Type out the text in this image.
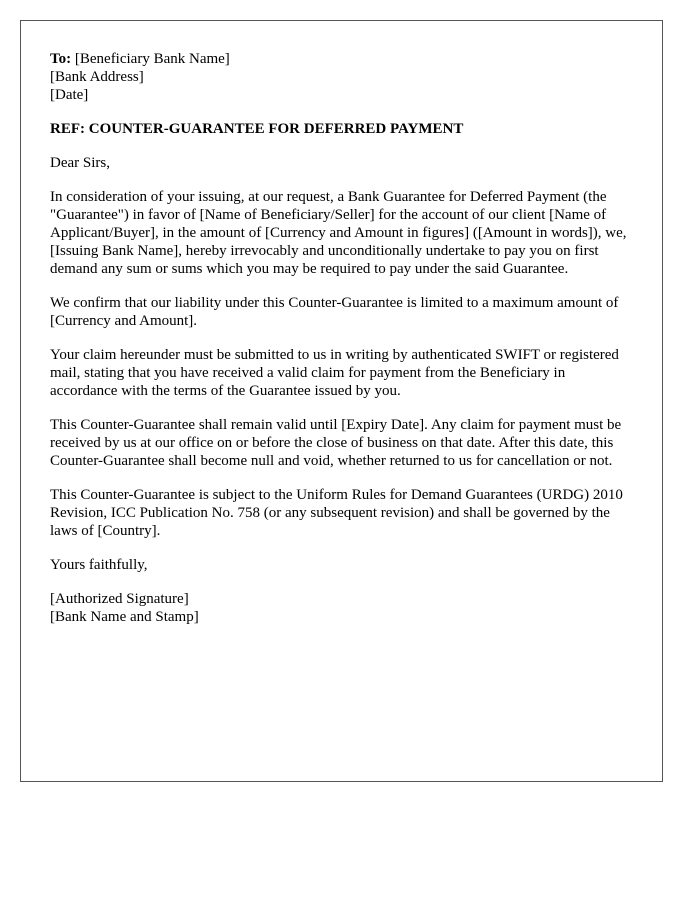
To: [Beneficiary Bank Name]
[Bank Address]
[Date]

REF: COUNTER-GUARANTEE FOR DEFERRED PAYMENT

Dear Sirs,

In consideration of your issuing, at our request, a Bank Guarantee for Deferred Payment (the "Guarantee") in favor of [Name of Beneficiary/Seller] for the account of our client [Name of Applicant/Buyer], in the amount of [Currency and Amount in figures] ([Amount in words]), we, [Issuing Bank Name], hereby irrevocably and unconditionally undertake to pay you on first demand any sum or sums which you may be required to pay under the said Guarantee.

We confirm that our liability under this Counter-Guarantee is limited to a maximum amount of [Currency and Amount].

Your claim hereunder must be submitted to us in writing by authenticated SWIFT or registered mail, stating that you have received a valid claim for payment from the Beneficiary in accordance with the terms of the Guarantee issued by you.

This Counter-Guarantee shall remain valid until [Expiry Date]. Any claim for payment must be received by us at our office on or before the close of business on that date. After this date, this Counter-Guarantee shall become null and void, whether returned to us for cancellation or not.

This Counter-Guarantee is subject to the Uniform Rules for Demand Guarantees (URDG) 2010 Revision, ICC Publication No. 758 (or any subsequent revision) and shall be governed by the laws of [Country].

Yours faithfully,

[Authorized Signature]
[Bank Name and Stamp]
